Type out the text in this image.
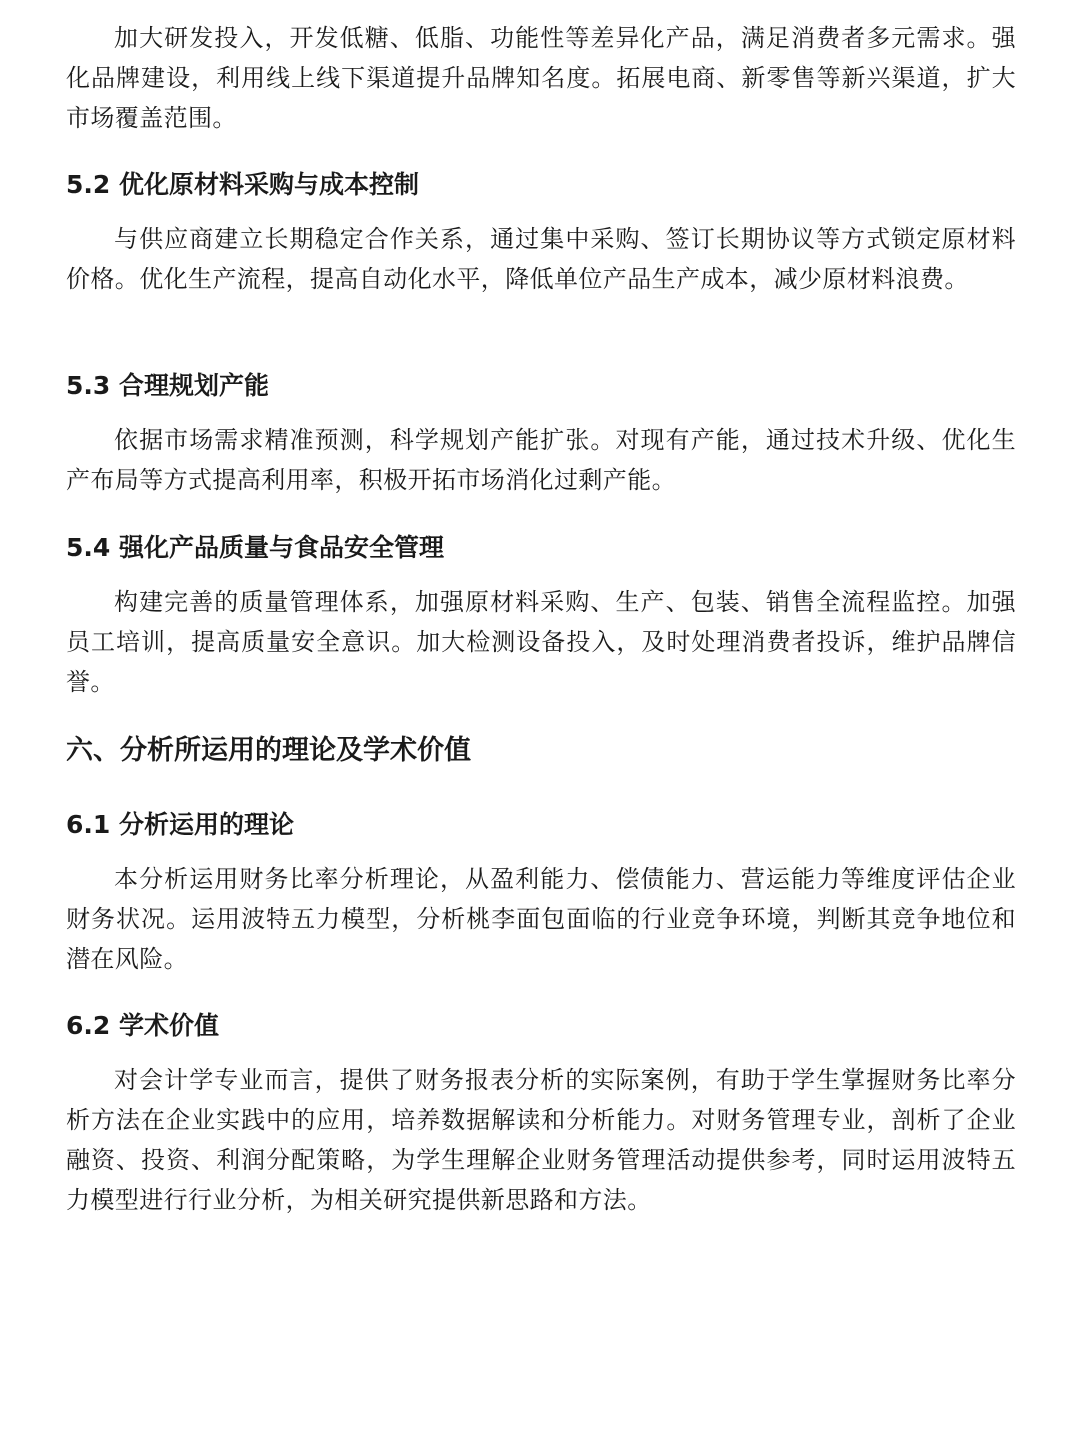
加大研发投入，开发低糖、低脂、功能性等差异化产品，满足消费者多元需求。强化品牌建设，利用线上线下渠道提升品牌知名度。拓展电商、新零售等新兴渠道，扩大市场覆盖范围。

5.2 优化原材料采购与成本控制

与供应商建立长期稳定合作关系，通过集中采购、签订长期协议等方式锁定原材料价格。优化生产流程，提高自动化水平，降低单位产品生产成本，减少原材料浪费。

5.3 合理规划产能

依据市场需求精准预测，科学规划产能扩张。对现有产能，通过技术升级、优化生产布局等方式提高利用率，积极开拓市场消化过剩产能。

5.4 强化产品质量与食品安全管理

构建完善的质量管理体系，加强原材料采购、生产、包装、销售全流程监控。加强员工培训，提高质量安全意识。加大检测设备投入，及时处理消费者投诉，维护品牌信誉。

六、分析所运用的理论及学术价值
6.1 分析运用的理论

本分析运用财务比率分析理论，从盈利能力、偿债能力、营运能力等维度评估企业财务状况。运用波特五力模型，分析桃李面包面临的行业竞争环境，判断其竞争地位和潜在风险。

6.2 学术价值

对会计学专业而言，提供了财务报表分析的实际案例，有助于学生掌握财务比率分析方法在企业实践中的应用，培养数据解读和分析能力。对财务管理专业，剖析了企业融资、投资、利润分配策略，为学生理解企业财务管理活动提供参考，同时运用波特五力模型进行行业分析，为相关研究提供新思路和方法。
